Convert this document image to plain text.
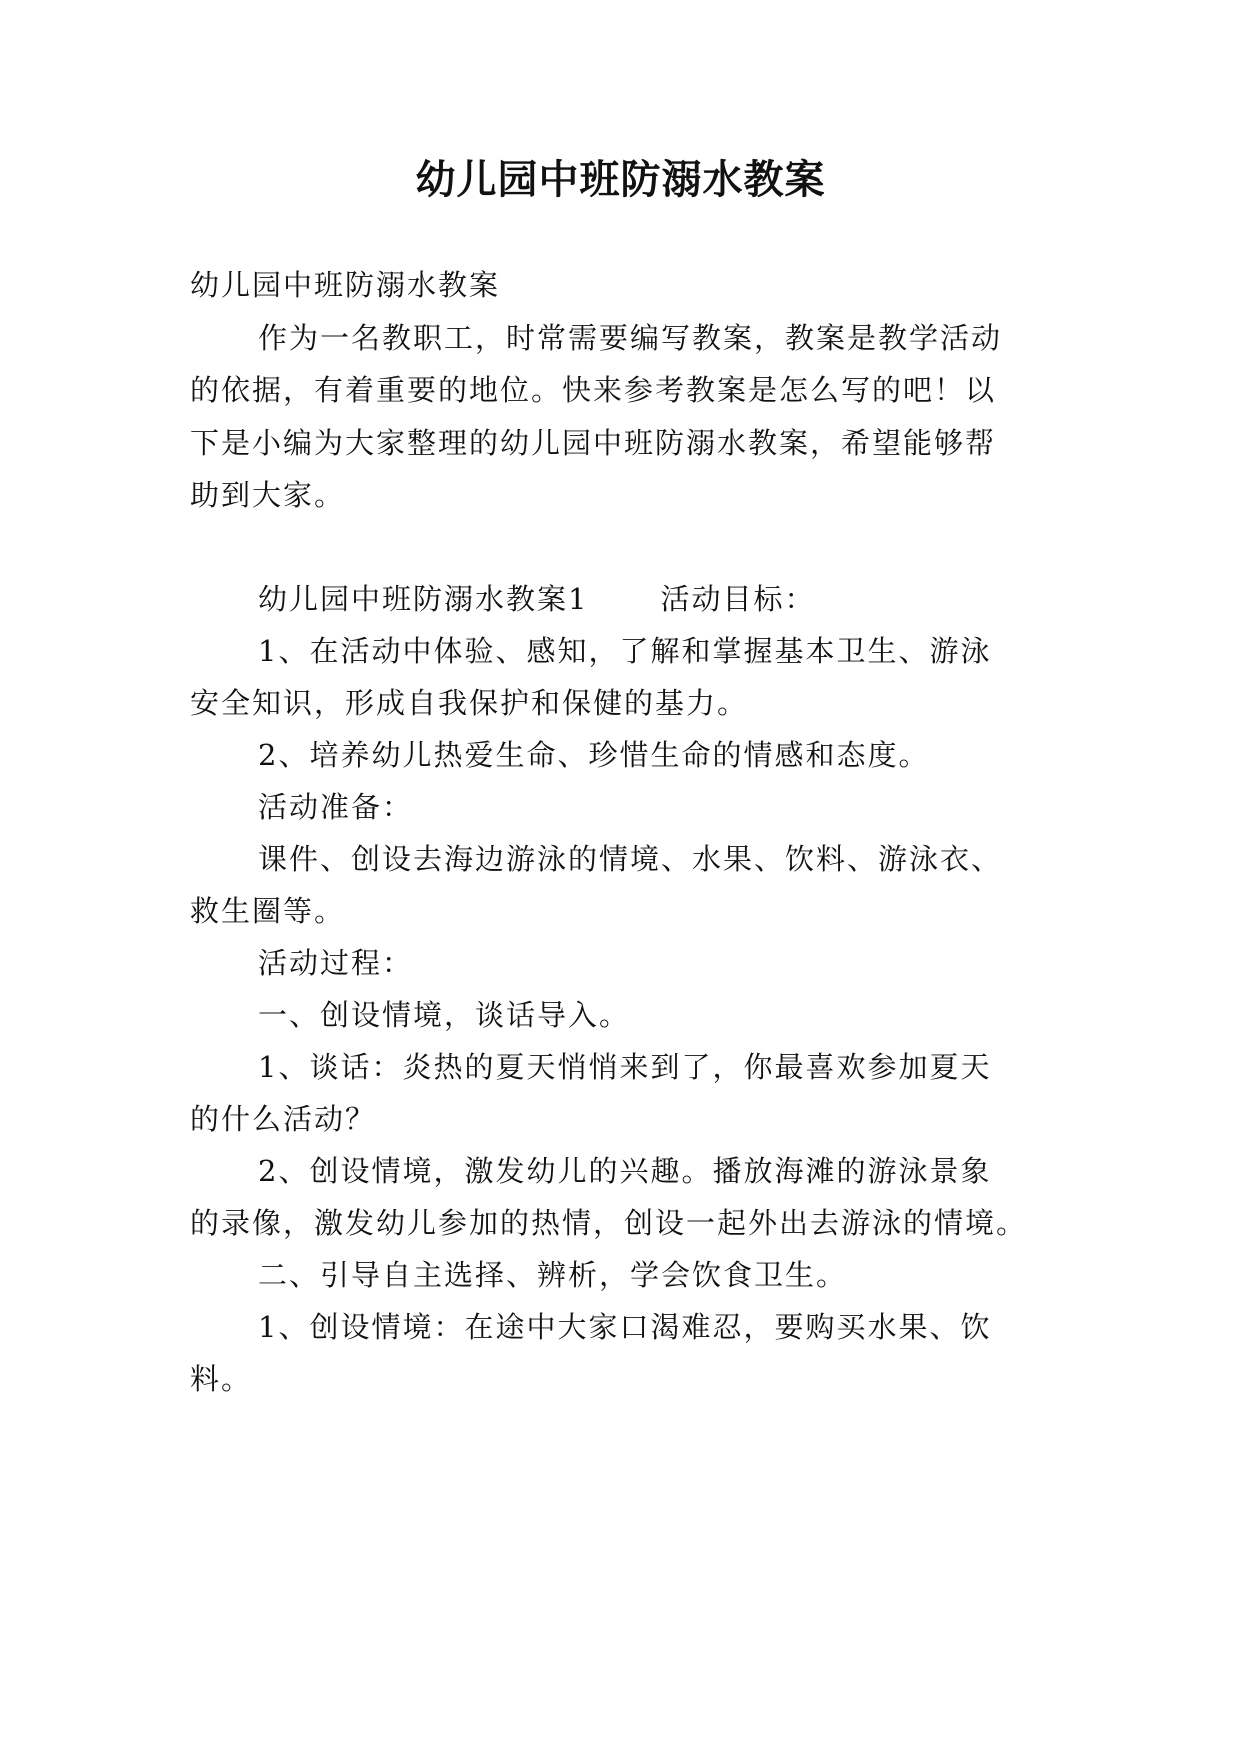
幼儿园中班防溺水教案
幼儿园中班防溺水教案
作为一名教职工，时常需要编写教案，教案是教学活动
的依据，有着重要的地位。快来参考教案是怎么写的吧！以
下是小编为大家整理的幼儿园中班防溺水教案，希望能够帮
助到大家。
幼儿园中班防溺水教案1 活动目标：
1、在活动中体验、感知，了解和掌握基本卫生、游泳
安全知识，形成自我保护和保健的基力。
2、培养幼儿热爱生命、珍惜生命的情感和态度。
活动准备：
课件、创设去海边游泳的情境、水果、饮料、游泳衣、
救生圈等。
活动过程：
一、创设情境，谈话导入。
1、谈话：炎热的夏天悄悄来到了，你最喜欢参加夏天
的什么活动？
2、创设情境，激发幼儿的兴趣。播放海滩的游泳景象
的录像，激发幼儿参加的热情，创设一起外出去游泳的情境。
二、引导自主选择、辨析，学会饮食卫生。
1、创设情境：在途中大家口渴难忍，要购买水果、饮
料。
